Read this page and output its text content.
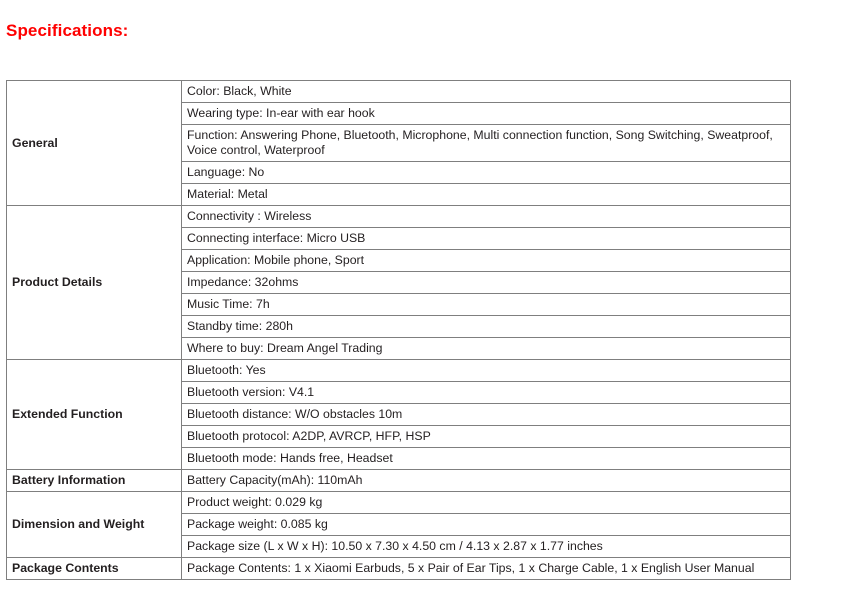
Specifications:
General	Color: Black, White
	Wearing type: In-ear with ear hook
	Function: Answering Phone, Bluetooth, Microphone, Multi connection function, Song Switching, Sweatproof, Voice control, Waterproof
	Language: No
	Material: Metal
Product Details	Connectivity : Wireless
	Connecting interface: Micro USB
	Application: Mobile phone, Sport
	Impedance: 32ohms
	Music Time: 7h
	Standby time: 280h
	Where to buy: Dream Angel Trading
Extended Function	Bluetooth: Yes
	Bluetooth version: V4.1
	Bluetooth distance: W/O obstacles 10m
	Bluetooth protocol: A2DP, AVRCP, HFP, HSP
	Bluetooth mode: Hands free, Headset
Battery Information	Battery Capacity(mAh): 110mAh
Dimension and Weight	Product weight: 0.029 kg
	Package weight: 0.085 kg
	Package size (L x W x H): 10.50 x 7.30 x 4.50 cm / 4.13 x 2.87 x 1.77 inches
Package Contents	Package Contents: 1 x Xiaomi Earbuds, 5 x Pair of Ear Tips, 1 x Charge Cable, 1 x English User Manual
